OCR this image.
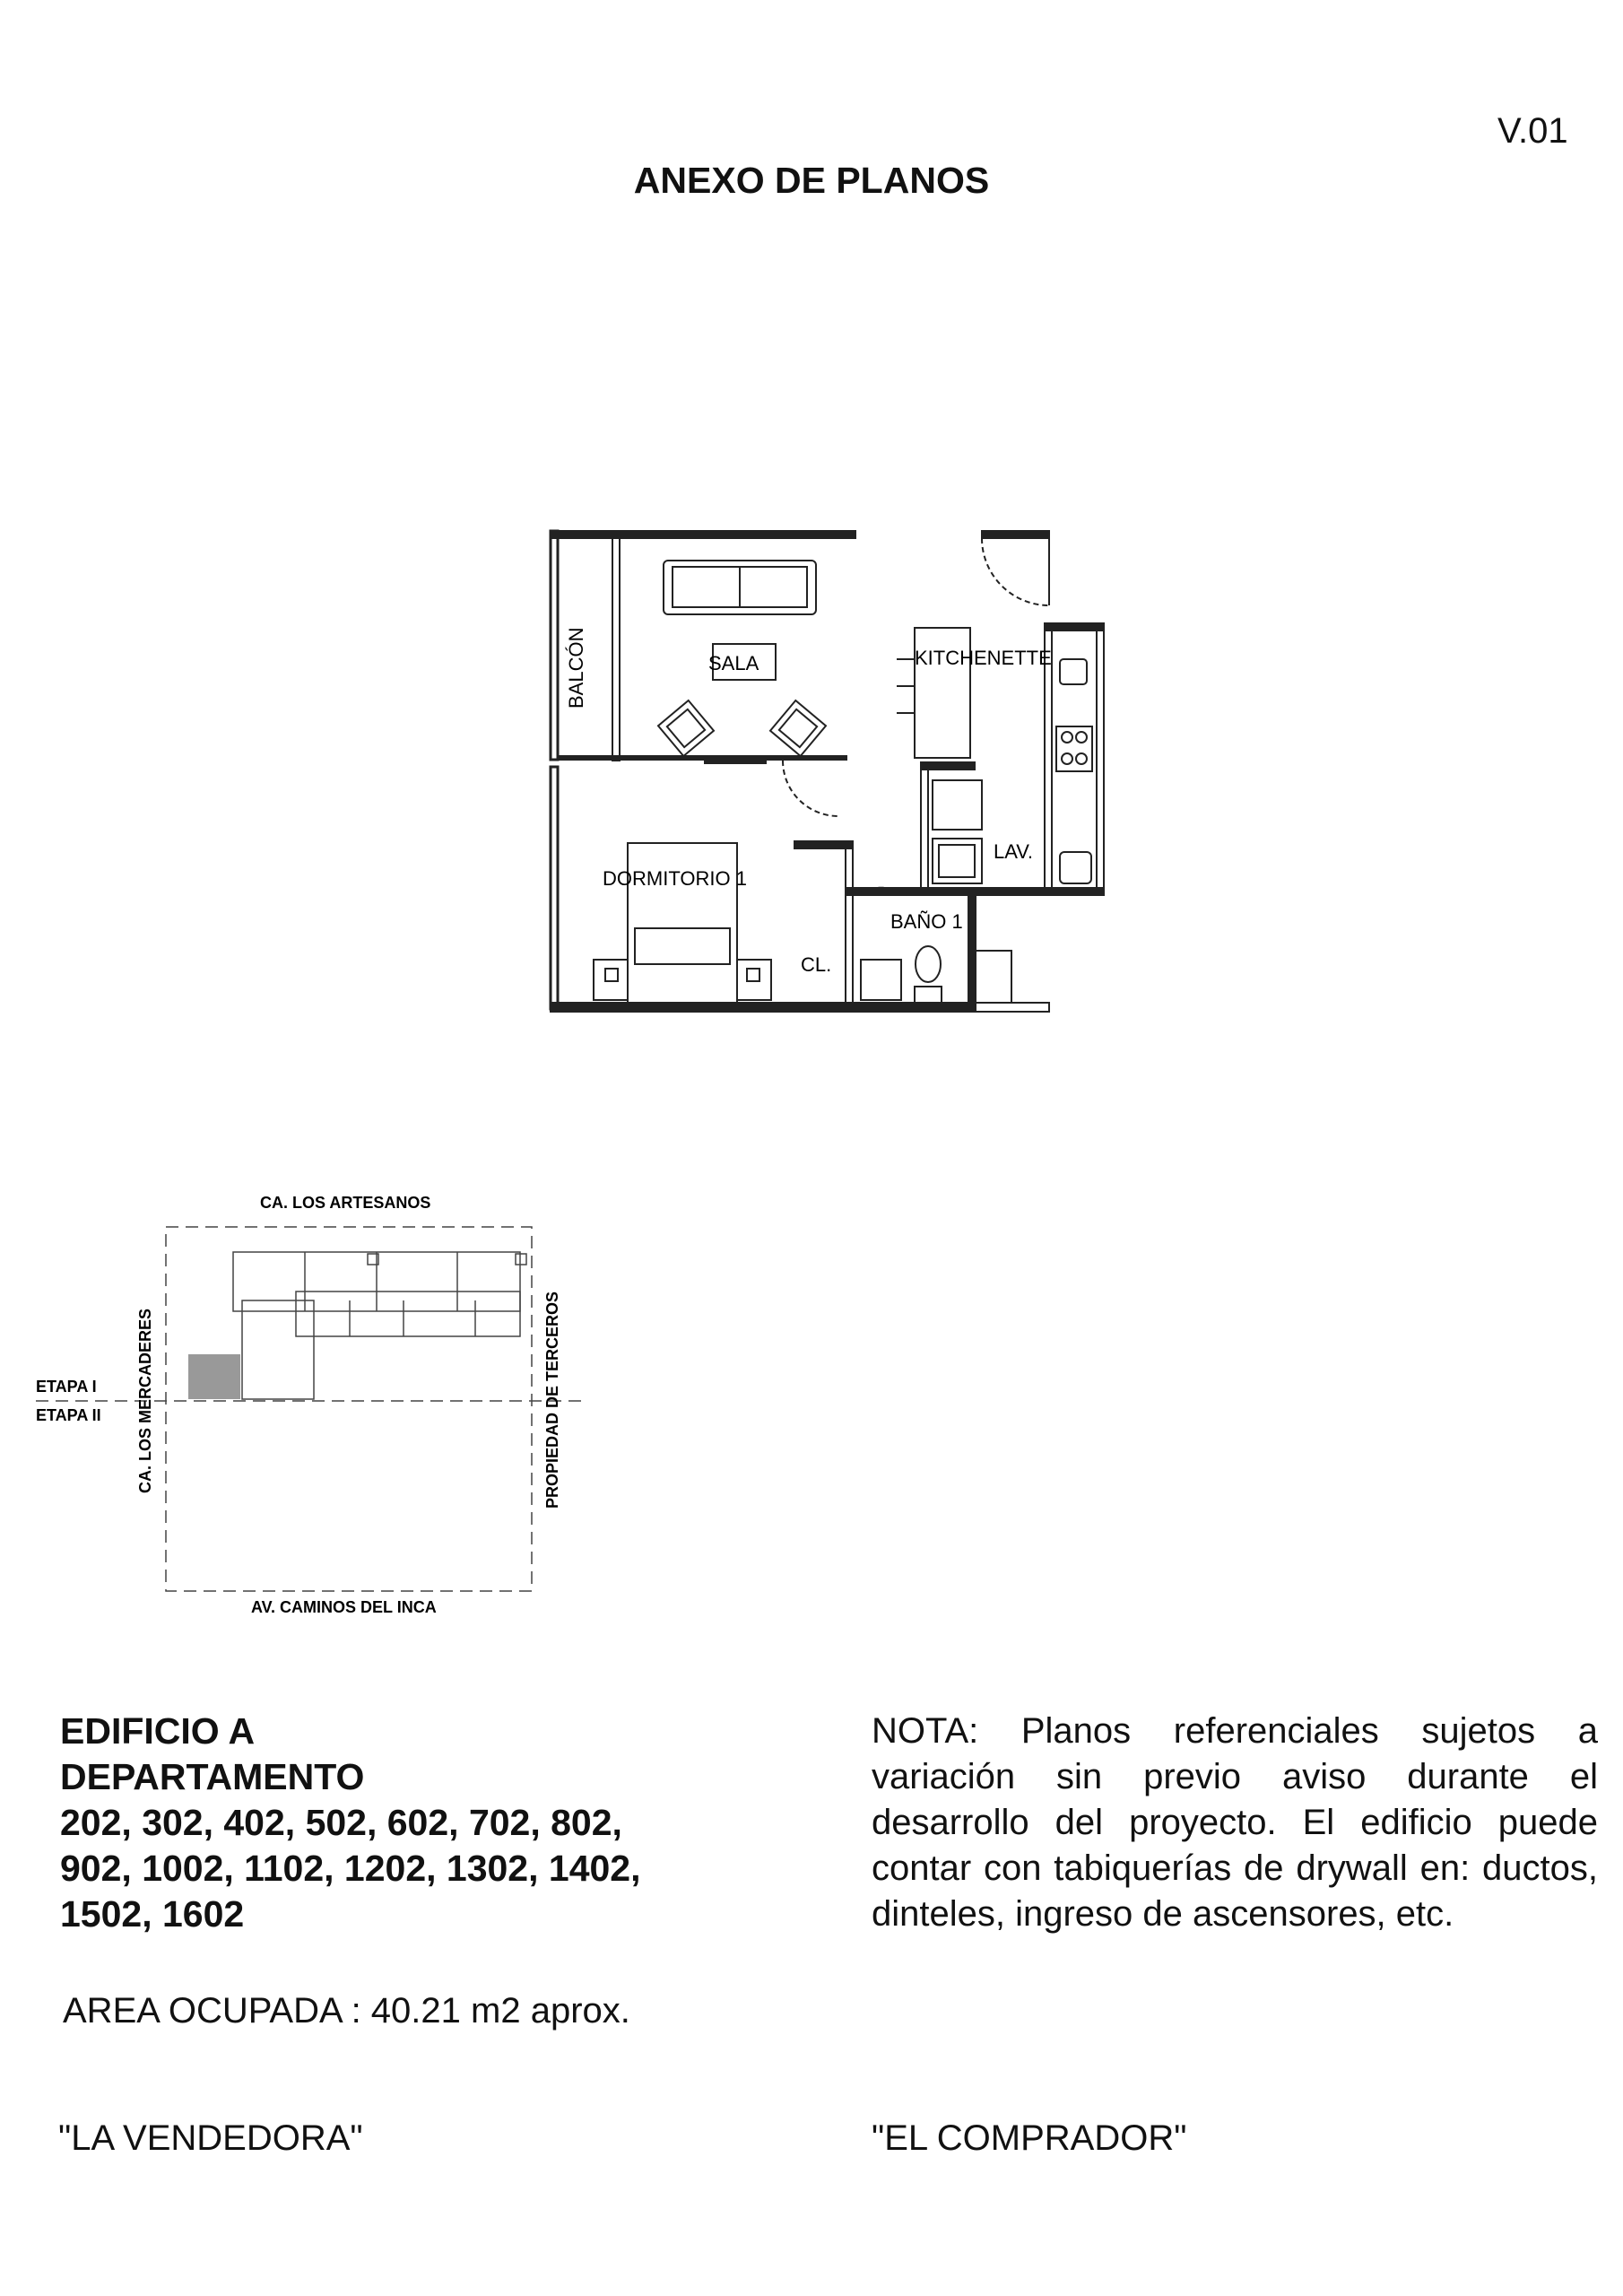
V.01
ANEXO DE PLANOS
BALCÓN	SALA	KITCHENETTE
DORMITORIO 1
LAV.
BAÑO 1
CL.
CA. LOS ARTESANOS
AV. CAMINOS DEL INCA
CA. LOS MERCADERES	PROPIEDAD DE TERCEROS
ETAPA I
ETAPA II
EDIFICIO A
DEPARTAMENTO
202, 302, 402, 502, 602, 702, 802,
902, 1002, 1102, 1202, 1302, 1402,
1502, 1602
AREA OCUPADA : 40.21 m2 aprox.
NOTA: Planos referenciales sujetos a variación sin previo aviso durante el desarrollo del proyecto. El edificio puede contar con tabiquerías de drywall en: ductos, dinteles, ingreso de ascensores, etc.
"LA VENDEDORA"	"EL COMPRADOR"
